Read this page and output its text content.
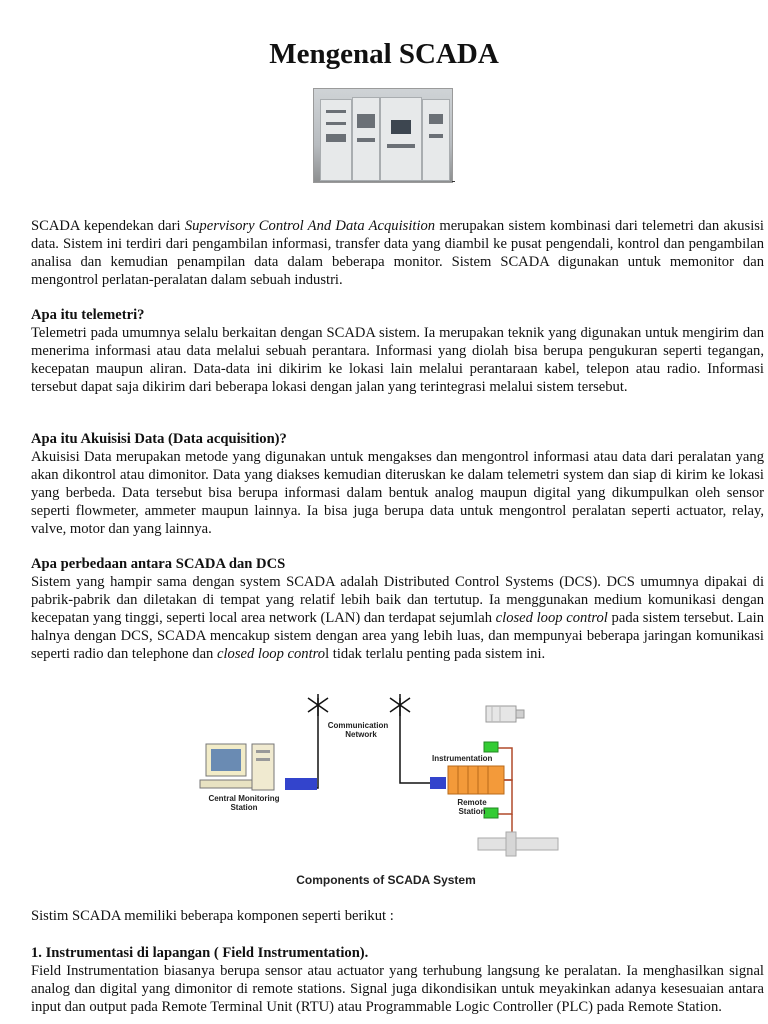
Mengenal SCADA

SCADA kependekan dari Supervisory Control And Data Acquisition merupakan sistem kombinasi dari telemetri dan akusisi data. Sistem ini terdiri dari pengambilan informasi, transfer data yang diambil ke pusat pengendali, kontrol dan pengambilan analisa dan kemudian penampilan data dalam beberapa monitor. Sistem SCADA digunakan untuk memonitor dan mengontrol perlatan-peralatan dalam sebuah industri.

Apa itu telemetri?

Telemetri pada umumnya selalu berkaitan dengan SCADA sistem. Ia merupakan teknik yang digunakan untuk mengirim dan menerima informasi atau data melalui sebuah perantara. Informasi yang diolah bisa berupa pengukuran seperti tegangan, kecepatan maupun aliran. Data-data ini dikirim ke lokasi lain melalui perantaraan kabel, telepon atau radio. Informasi tersebut dapat saja dikirim dari beberapa lokasi dengan jalan yang terintegrasi melalui sistem tersebut.

Apa itu Akuisisi Data (Data acquisition)?

Akuisisi Data merupakan metode yang digunakan untuk mengakses dan mengontrol informasi atau data dari peralatan yang akan dikontrol atau dimonitor. Data yang diakses kemudian diteruskan ke dalam telemetri system dan siap di kirim ke lokasi yang berbeda. Data tersebut bisa berupa informasi dalam bentuk analog maupun digital yang dikumpulkan oleh sensor seperti flowmeter, ammeter maupun lainnya. Ia bisa juga berupa data untuk mengontrol peralatan seperti actuator, relay, valve, motor dan yang lainnya.

Apa perbedaan antara SCADA dan DCS

Sistem yang hampir sama dengan system SCADA adalah Distributed Control Systems (DCS). DCS umumnya dipakai di pabrik-pabrik dan diletakan di tempat yang relatif lebih baik dan tertutup. Ia menggunakan medium komunikasi dengan kecepatan yang tinggi, seperti local area network (LAN) dan terdapat sejumlah closed loop control pada sistem tersebut. Lain halnya dengan DCS, SCADA mencakup sistem dengan area yang lebih luas, dan mempunyai beberapa jaringan komunikasi seperti radio dan telephone dan closed loop control tidak terlalu penting pada sistem ini.

Sistim SCADA memiliki beberapa komponen seperti berikut :

1. Instrumentasi di lapangan ( Field Instrumentation).

Field Instrumentation biasanya berupa sensor atau actuator yang terhubung langsung ke peralatan. Ia menghasilkan signal analog dan digital yang dimonitor di remote stations. Signal juga dikondisikan untuk meyakinkan adanya kesesuaian antara input dan output pada Remote Terminal Unit (RTU) atau Programmable Logic Controller (PLC) pada Remote Station.

Communication
Network
Instrumentation
Central Monitoring
Station
Remote
Station
Components of SCADA System
